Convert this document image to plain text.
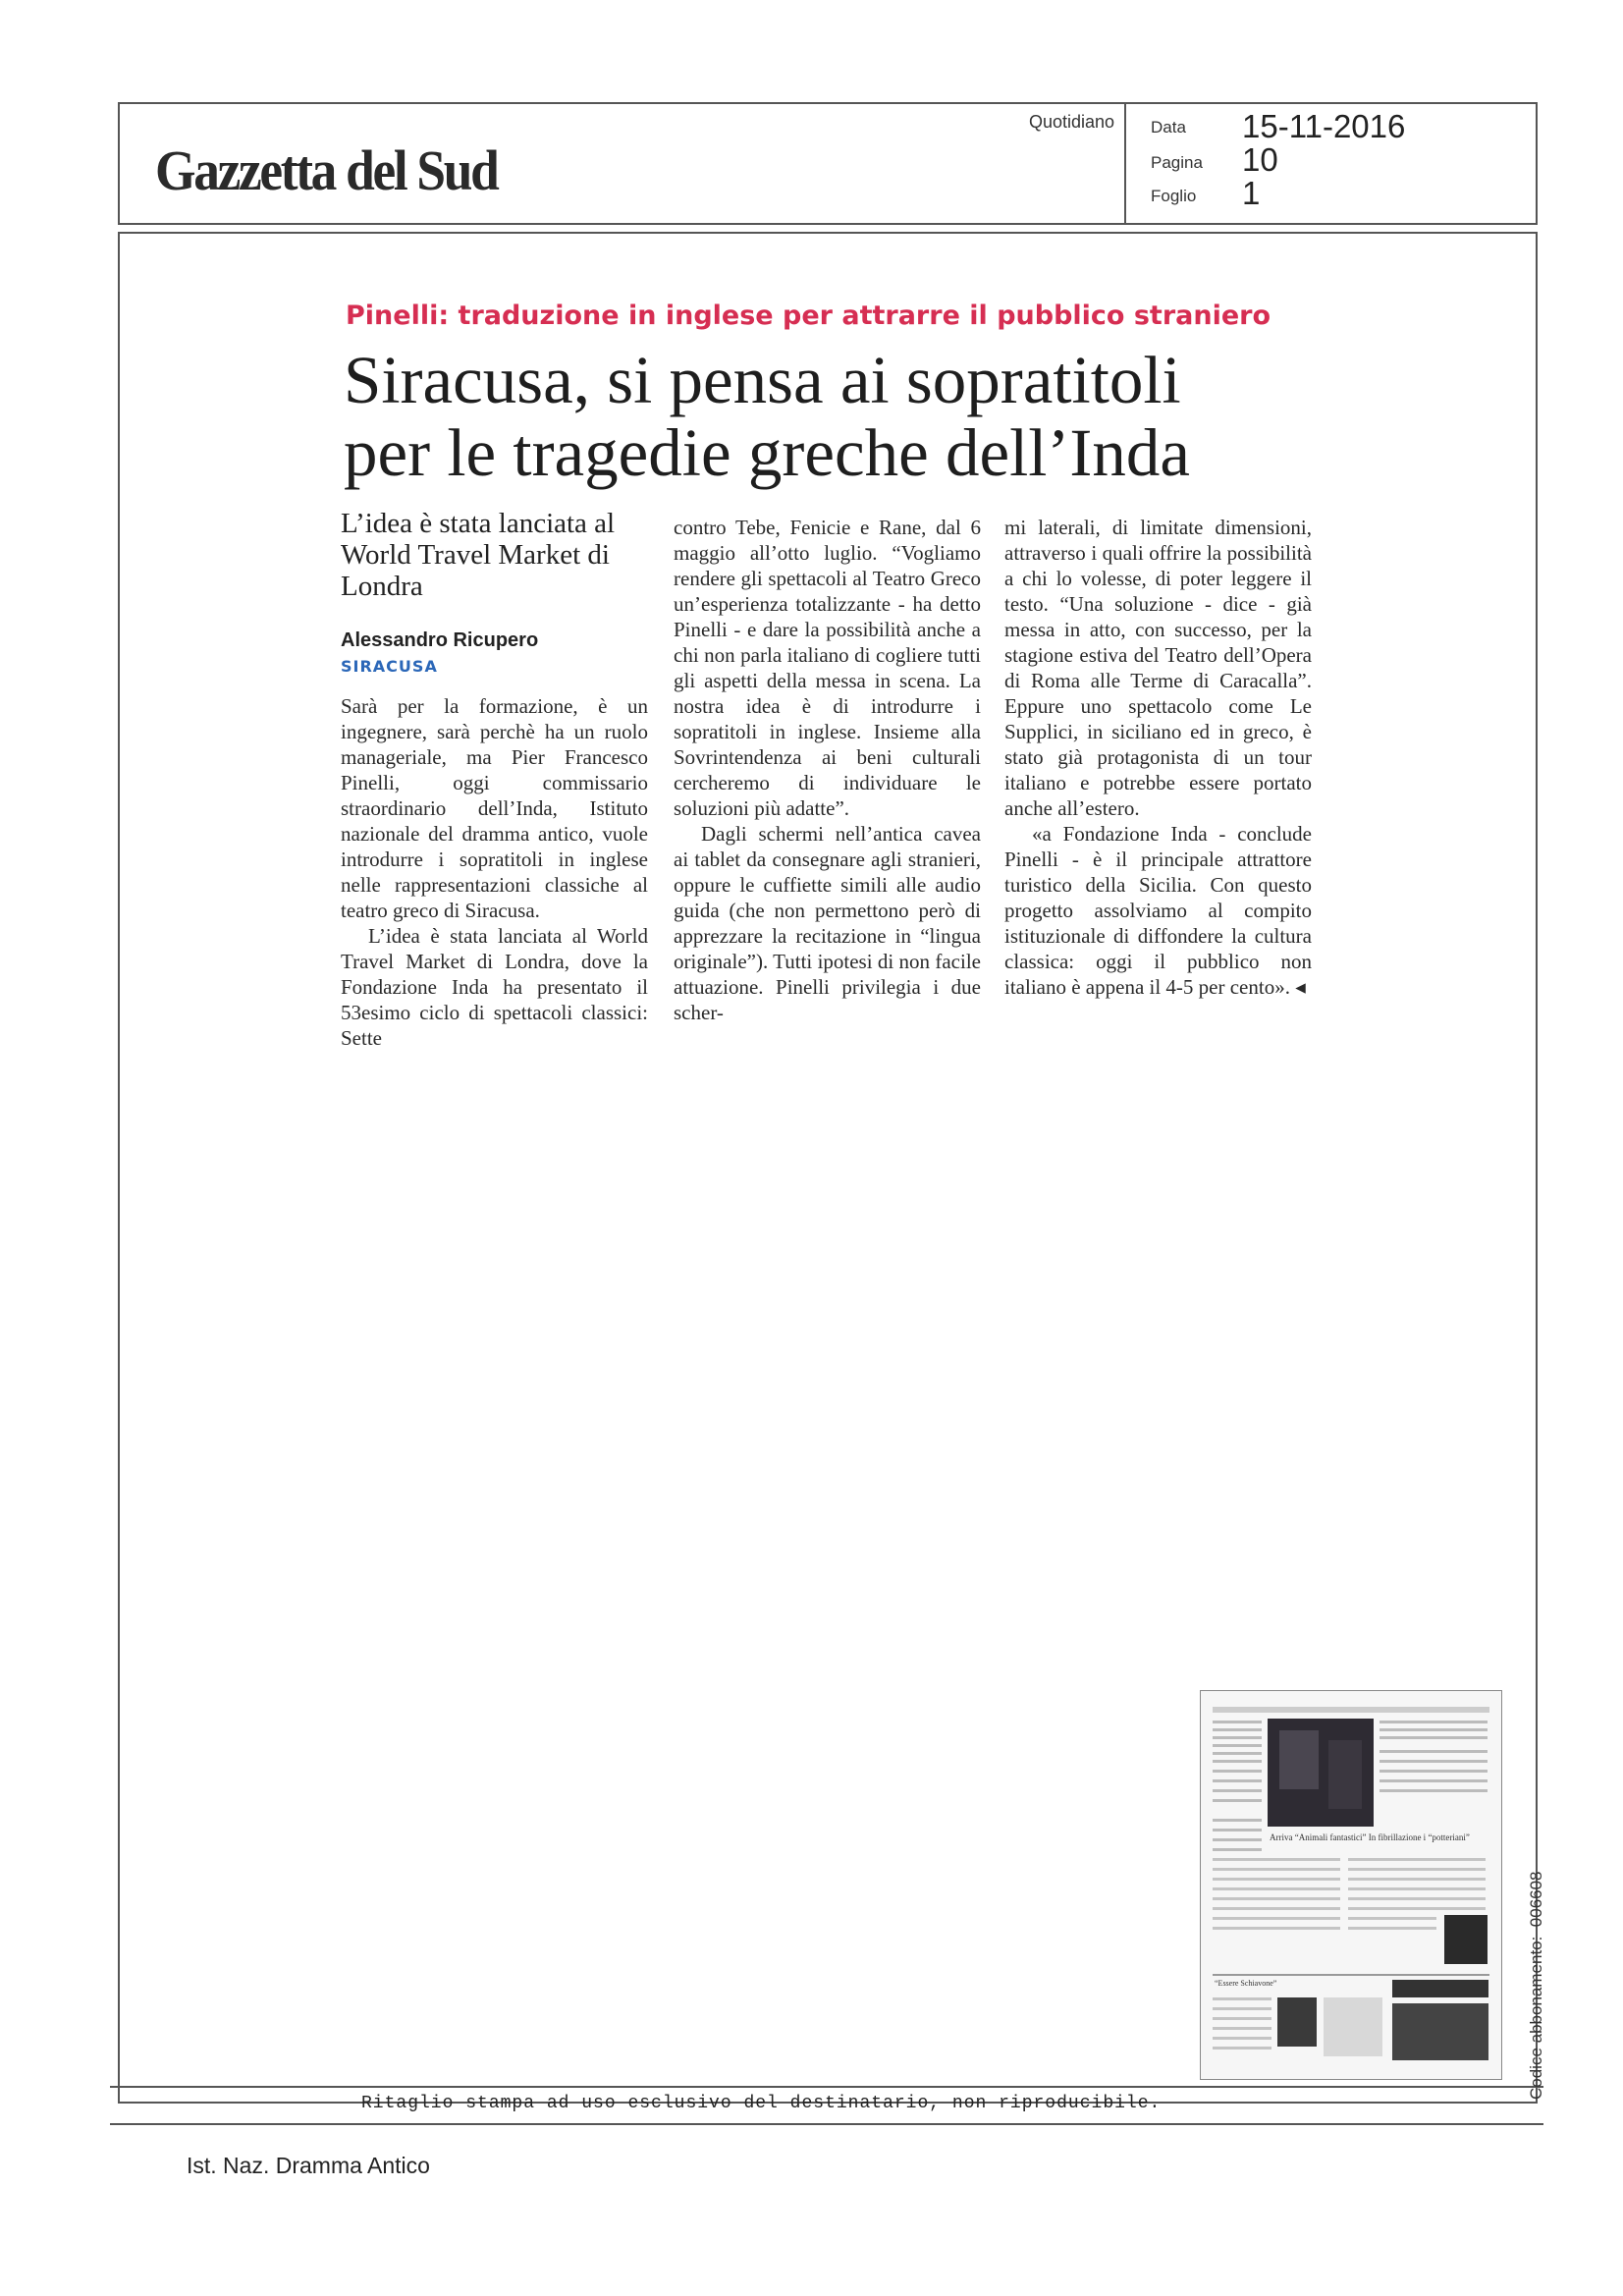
Gazzetta del Sud
Quotidiano Data 15-11-2016
Pagina 10
Foglio 1
Pinelli: traduzione in inglese per attrarre il pubblico straniero
Siracusa, si pensa ai sopratitoli
per le tragedie greche dell’Inda
L’idea è stata lanciata al World Travel Market di Londra
Alessandro Ricupero
SIRACUSA

Sarà per la formazione, è un ingegnere, sarà perchè ha un ruolo manageriale, ma Pier Francesco Pinelli, oggi commissario straordinario dell’Inda, Istituto nazionale del dramma antico, vuole introdurre i sopratitoli in inglese nelle rappresentazioni classiche al teatro greco di Siracusa.

L’idea è stata lanciata al World Travel Market di Londra, dove la Fondazione Inda ha presentato il 53esimo ciclo di spettacoli classici: Sette

contro Tebe, Fenicie e Rane, dal 6 maggio all’otto luglio. “Vogliamo rendere gli spettacoli al Teatro Greco un’esperienza totalizzante - ha detto Pinelli - e dare la possibilità anche a chi non parla italiano di cogliere tutti gli aspetti della messa in scena. La nostra idea è di introdurre i sopratitoli in inglese. Insieme alla Sovrintendenza ai beni culturali cercheremo di individuare le soluzioni più adatte”.

Dagli schermi nell’antica cavea ai tablet da consegnare agli stranieri, oppure le cuffiette simili alle audio guida (che non permettono però di apprezzare la recitazione in “lingua originale”). Tutti ipotesi di non facile attuazione. Pinelli privilegia i due scher-

mi laterali, di limitate dimensioni, attraverso i quali offrire la possibilità a chi lo volesse, di poter leggere il testo. “Una soluzione - dice - già messa in atto, con successo, per la stagione estiva del Teatro dell’Opera di Roma alle Terme di Caracalla”. Eppure uno spettacolo come Le Supplici, in siciliano ed in greco, è stato già protagonista di un tour italiano e potrebbe essere portato anche all’estero.

«a Fondazione Inda - conclude Pinelli - è il principale attrattore turistico della Sicilia. Con questo progetto assolviamo al compito istituzionale di diffondere la cultura classica: oggi il pubblico non italiano è appena il 4-5 per cento». ◂

Arriva “Animali fantastici” In fibrillazione i “potteriani”
“Essere Schiavone”
Ritaglio stampa ad uso esclusivo del destinatario, non riproducibile.
Codice abbonamento:  006608
Ist. Naz. Dramma Antico
